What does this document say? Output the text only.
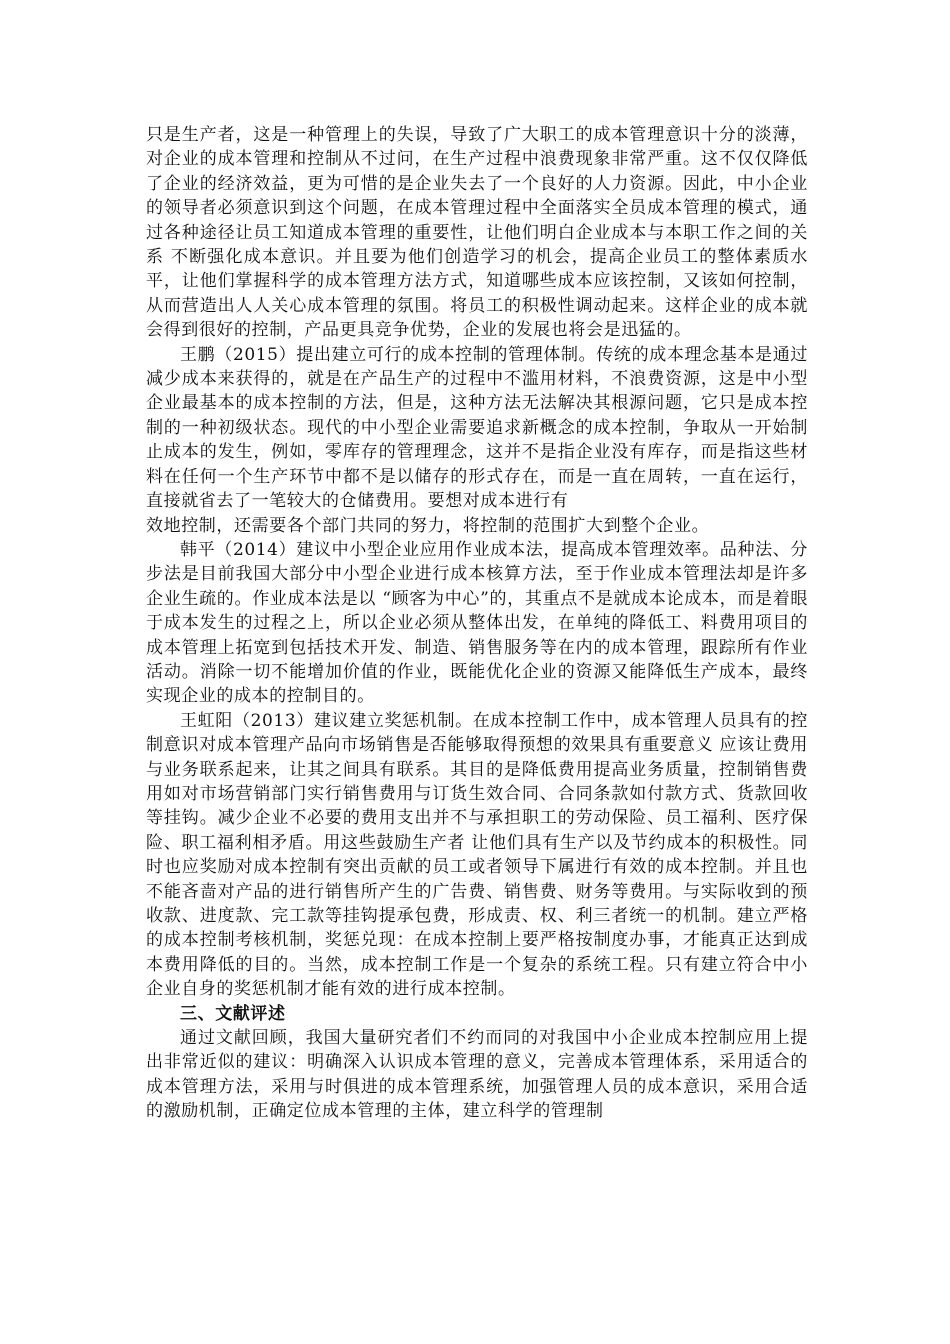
只是生产者，这是一种管理上的失误，导致了广大职工的成本管理意识十分的淡薄，对企业的成本管理和控制从不过问，在生产过程中浪费现象非常严重。这不仅仅降低了企业的经济效益，更为可惜的是企业失去了一个良好的人力资源。因此，中小企业的领导者必须意识到这个问题，在成本管理过程中全面落实全员成本管理的模式，通过各种途径让员工知道成本管理的重要性，让他们明白企业成本与本职工作之间的关系 不断强化成本意识。并且要为他们创造学习的机会，提高企业员工的整体素质水平，让他们掌握科学的成本管理方法方式，知道哪些成本应该控制，又该如何控制，从而营造出人人关心成本管理的氛围。将员工的积极性调动起来。这样企业的成本就会得到很好的控制，产品更具竞争优势，企业的发展也将会是迅猛的。

王鹏（2015）提出建立可行的成本控制的管理体制。传统的成本理念基本是通过减少成本来获得的，就是在产品生产的过程中不滥用材料，不浪费资源，这是中小型企业最基本的成本控制的方法，但是，这种方法无法解决其根源问题，它只是成本控制的一种初级状态。现代的中小型企业需要追求新概念的成本控制，争取从一开始制止成本的发生，例如，零库存的管理理念，这并不是指企业没有库存，而是指这些材料在任何一个生产环节中都不是以储存的形式存在，而是一直在周转，一直在运行，直接就省去了一笔较大的仓储费用。要想对成本进行有

效地控制，还需要各个部门共同的努力，将控制的范围扩大到整个企业。

韩平（2014）建议中小型企业应用作业成本法，提高成本管理效率。品种法、分步法是目前我国大部分中小型企业进行成本核算方法，至于作业成本管理法却是许多企业生疏的。作业成本法是以 “顾客为中心”的，其重点不是就成本论成本，而是着眼于成本发生的过程之上，所以企业必须从整体出发，在单纯的降低工、料费用项目的成本管理上拓宽到包括技术开发、制造、销售服务等在内的成本管理，跟踪所有作业活动。消除一切不能增加价值的作业，既能优化企业的资源又能降低生产成本，最终实现企业的成本的控制目的。

王虹阳（2013）建议建立奖惩机制。在成本控制工作中，成本管理人员具有的控制意识对成本管理产品向市场销售是否能够取得预想的效果具有重要意义 应该让费用与业务联系起来，让其之间具有联系。其目的是降低费用提高业务质量，控制销售费用如对市场营销部门实行销售费用与订货生效合同、合同条款如付款方式、货款回收等挂钩。减少企业不必要的费用支出并不与承担职工的劳动保险、员工福利、医疗保险、职工福利相矛盾。用这些鼓励生产者 让他们具有生产以及节约成本的积极性。同时也应奖励对成本控制有突出贡献的员工或者领导下属进行有效的成本控制。并且也不能吝啬对产品的进行销售所产生的广告费、销售费、财务等费用。与实际收到的预收款、进度款、完工款等挂钩提承包费，形成责、权、利三者统一的机制。建立严格的成本控制考核机制，奖惩兑现：在成本控制上要严格按制度办事，才能真正达到成本费用降低的目的。当然，成本控制工作是一个复杂的系统工程。只有建立符合中小企业自身的奖惩机制才能有效的进行成本控制。

三、文献评述

通过文献回顾，我国大量研究者们不约而同的对我国中小企业成本控制应用上提出非常近似的建议：明确深入认识成本管理的意义，完善成本管理体系，采用适合的成本管理方法，采用与时俱进的成本管理系统，加强管理人员的成本意识，采用合适的激励机制，正确定位成本管理的主体，建立科学的管理制
